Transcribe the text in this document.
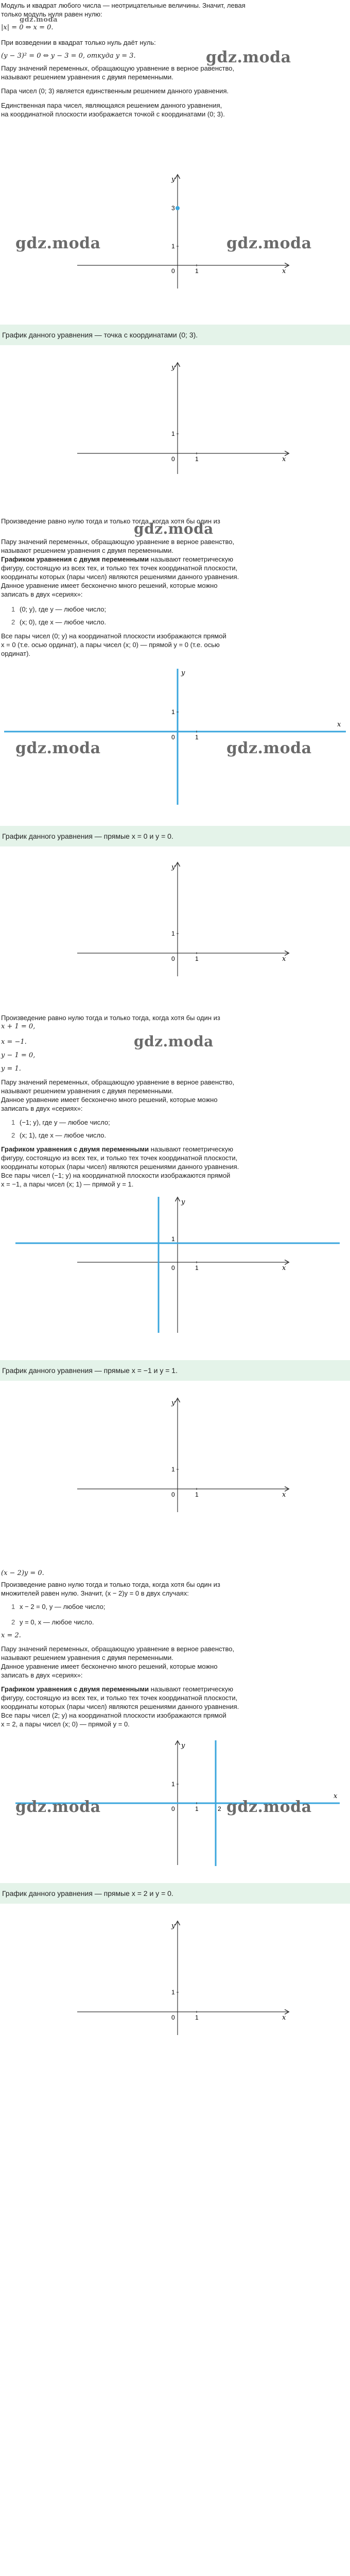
Модуль и квадрат любого числа — неотрицательные величины. Значит, левая

только модуль нуля равен нулю:

gdz.moda

|x| = 0 ⇔ x = 0.

При возведении в квадрат только нуль даёт нуль:

(y − 3)² = 0 ⇔ y − 3 = 0, откуда y = 3.	gdz.moda

Пару значений переменных, обращающую уравнение в верное равенство,

называют решением уравнения с двумя переменными.

Пара чисел (0; 3) является единственным решением данного уравнения.

Единственная пара чисел, являющаяся решением данного уравнения,

на координатной плоскости изображается точкой с координатами (0; 3).

x
y
0
3
1
1
gdz.moda	gdz.moda
График данного уравнения — точка с координатами (0; 3).
x
y
0
1
1

Произведение равно нулю тогда и только тогда, когда хотя бы один из

gdz.moda

Пару значений переменных, обращающую уравнение в верное равенство,

называют решением уравнения с двумя переменными.

Графиком уравнения с двумя переменными называют геометрическую

фигуру, состоящую из всех тех, и только тех точек координатной плоскости,

координаты которых (пары чисел) являются решениями данного уравнения.

Данное уравнение имеет бесконечно много решений, которые можно

записать в двух «сериях»:

1 (0; y), где y — любое число;
2 (x; 0), где x — любое число.

Все пары чисел (0; y) на координатной плоскости изображаются прямой

x = 0 (т.е. осью ординат), а пары чисел (x; 0) — прямой y = 0 (т.е. осью

ординат).

0
1
1
x
y
gdz.moda	gdz.moda
График данного уравнения — прямые x = 0 и y = 0.
x
y
0
1
1

Произведение равно нулю тогда и только тогда, когда хотя бы один из

x + 1 = 0,

gdz.moda

x = −1.

y − 1 = 0,

y = 1.

Пару значений переменных, обращающую уравнение в верное равенство,

называют решением уравнения с двумя переменными.

Данное уравнение имеет бесконечно много решений, которые можно

записать в двух «сериях»:

1 (−1; y), где y — любое число;
2 (x; 1), где x — любое число.

Графиком уравнения с двумя переменными называют геометрическую

фигуру, состоящую из всех тех, и только тех точек координатной плоскости,

координаты которых (пары чисел) являются решениями данного уравнения.

Все пары чисел (−1; y) на координатной плоскости изображаются прямой

x = −1, а пары чисел (x; 1) — прямой y = 1.

0
1
1	x
y
График данного уравнения — прямые x = −1 и y = 1.
x
y
0
1
1

(x − 2)y = 0.

Произведение равно нулю тогда и только тогда, когда хотя бы один из

множителей равен нулю. Значит, (x − 2)y = 0 в двух случаях:

1 x − 2 = 0, y — любое число;
2 y = 0, x — любое число.

x = 2.

Пару значений переменных, обращающую уравнение в верное равенство,

называют решением уравнения с двумя переменными.

Данное уравнение имеет бесконечно много решений, которые можно

записать в двух «сериях»:

Графиком уравнения с двумя переменными называют геометрическую

фигуру, состоящую из всех тех, и только тех точек координатной плоскости,

координаты которых (пары чисел) являются решениями данного уравнения.

Все пары чисел (2; y) на координатной плоскости изображаются прямой

x = 2, а пары чисел (x; 0) — прямой y = 0.

0
1
1	2
x
y
gdz.moda	gdz.moda
График данного уравнения — прямые x = 2 и y = 0.
x
y
0
1
1
